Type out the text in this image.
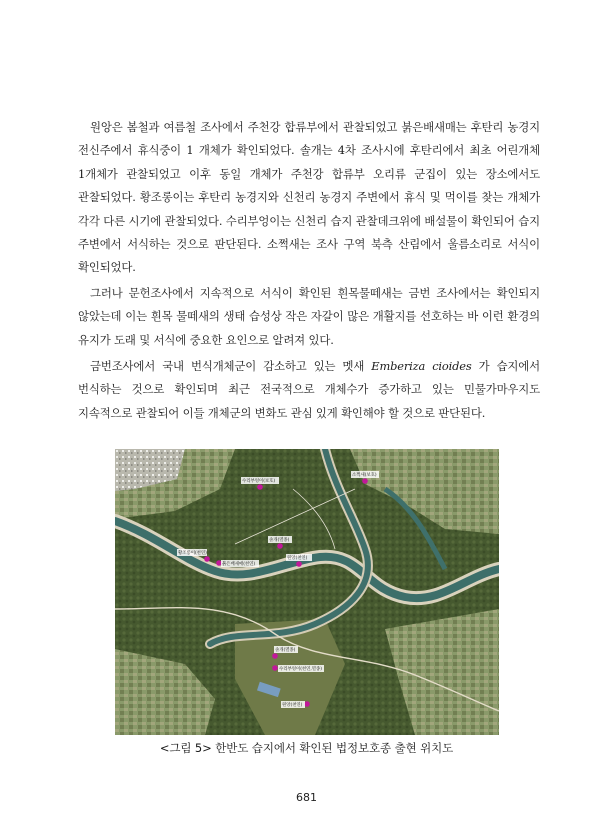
원앙은 봄철과 여름철 조사에서 주천강 합류부에서 관찰되었고 붉은배새매는 후탄리 농경지 전신주에서 휴식중이 1 개체가 확인되었다. 솔개는 4차 조사시에 후탄리에서 최초 어린개체 1개체가 관찰되었고 이후 동일 개체가 주천강 합류부 오리류 군집이 있는 장소에서도 관찰되었다. 황조롱이는 후탄리 농경지와 신천리 농경지 주변에서 휴식 및 먹이를 찾는 개체가 각각 다른 시기에 관찰되었다. 수리부엉이는 신천리 습지 관찰데크위에 배설물이 확인되어 습지 주변에서 서식하는 것으로 판단된다. 소쩍새는 조사 구역 북측 산림에서 울름소리로 서식이 확인되었다.

그러나 문헌조사에서 지속적으로 서식이 확인된 흰목물떼새는 금번 조사에서는 확인되지 않았는데 이는 흰목 물떼새의 생태 습성상 작은 자갈이 많은 개활지를 선호하는 바 이런 환경의 유지가 도래 및 서식에 중요한 요인으로 알려져 있다.

금번조사에서 국내 번식개체군이 감소하고 있는 멧새 Emberiza cioides 가 습지에서 번식하는 것으로 확인되며 최근 전국적으로 개체수가 증가하고 있는 민물가마우지도 지속적으로 관찰되어 이들 개체군의 변화도 관심 있게 확인해야 할 것으로 판단된다.

소쩍새(보호)
수리부엉이(보호)
솔개(멸종)
황조롱이(천연)
붉은배새매(천연)
원앙(천연)
솔개(멸종)
수리부엉이(천연,멸종)
원앙(천연)
<그림 5> 한반도 습지에서 확인된 법정보호종 출현 위치도
681
